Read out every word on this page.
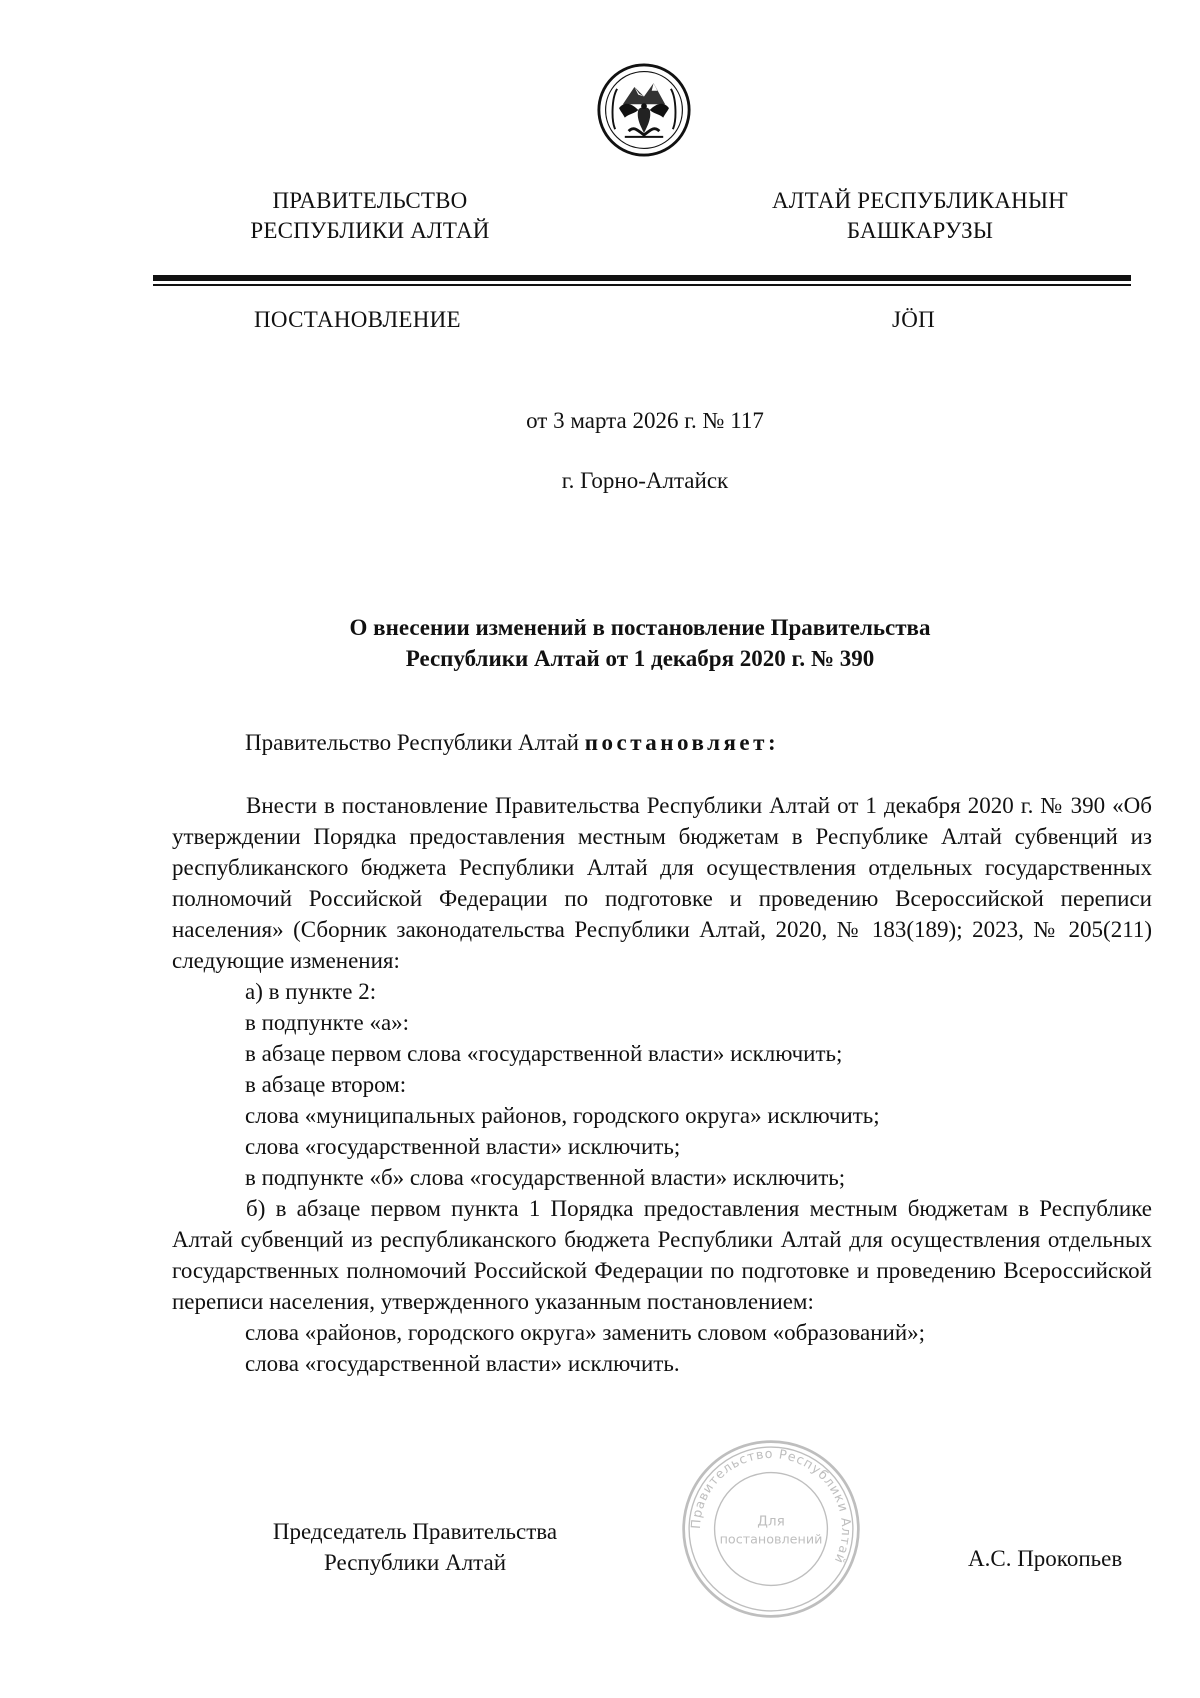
ПРАВИТЕЛЬСТВО
РЕСПУБЛИКИ АЛТАЙ
АЛТАЙ РЕСПУБЛИКАНЫҤ
БАШКАРУЗЫ
ПОСТАНОВЛЕНИЕ	JӦП
от 3 марта 2026 г. № 117
г. Горно-Алтайск
О внесении изменений в постановление Правительства
Республики Алтай от 1 декабря 2020 г. № 390
Правительство Республики Алтай постановляет:

Внести в постановление Правительства Республики Алтай от 1 декабря 2020 г. № 390 «Об утверждении Порядка предоставления местным бюджетам в Республике Алтай субвенций из республиканского бюджета Республики Алтай для осуществления отдельных государственных полномочий Российской Федерации по подготовке и проведению Всероссийской переписи населения» (Сборник законодательства Республики Алтай, 2020, № 183(189); 2023, № 205(211) следующие изменения:

а) в пункте 2:

в подпункте «а»:

в абзаце первом слова «государственной власти» исключить;

в абзаце втором:

слова «муниципальных районов, городского округа» исключить;

слова «государственной власти» исключить;

в подпункте «б» слова «государственной власти» исключить;

б) в абзаце первом пункта 1 Порядка предоставления местным бюджетам в Республике Алтай субвенций из республиканского бюджета Республики Алтай для осуществления отдельных государственных полномочий Российской Федерации по подготовке и проведению Всероссийской переписи населения, утвержденного указанным постановлением:

слова «районов, городского округа» заменить словом «образований»;

слова «государственной власти» исключить.

Председатель Правительства
Республики Алтай
Правительство Республики Алтай
Для
постановлений
А.С. Прокопьев
